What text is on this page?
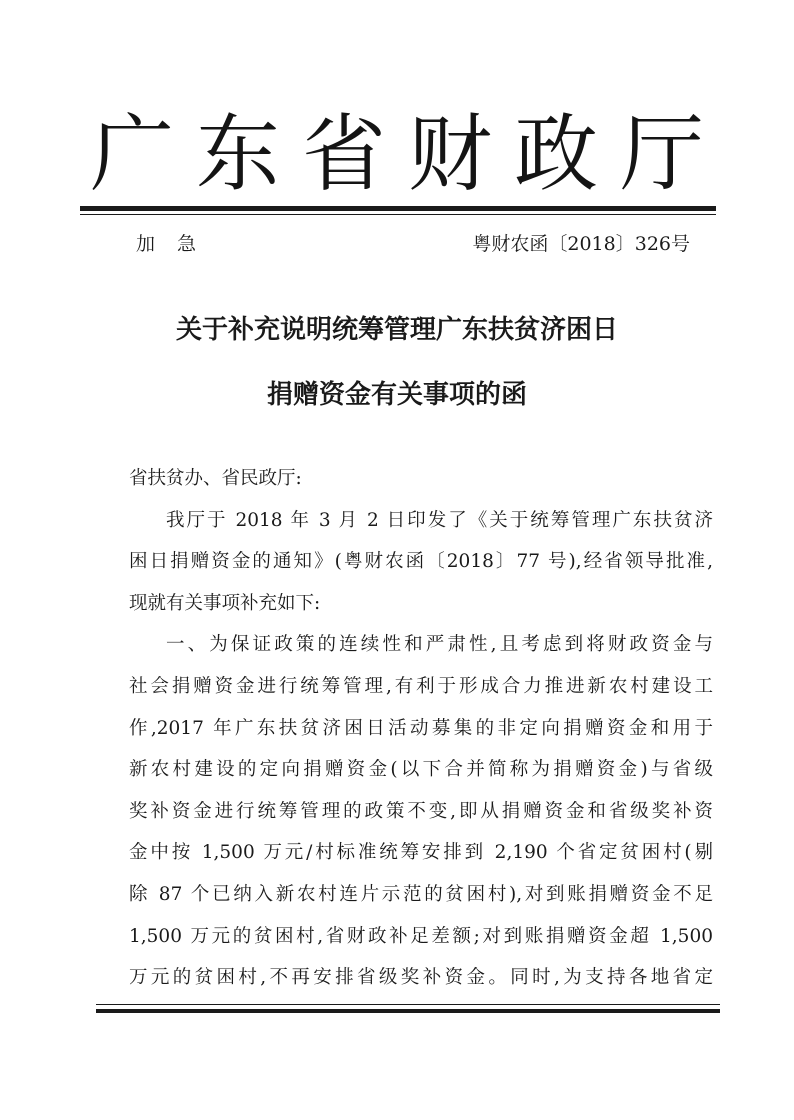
广东省财政厅
加急	粤财农函〔2018〕326号
关于补充说明统筹管理广东扶贫济困日
捐赠资金有关事项的函
省扶贫办、省民政厅:
我厅于 2018 年 3 月 2 日印发了《关于统筹管理广东扶贫济
困日捐赠资金的通知》(粤财农函〔2018〕77 号),经省领导批准,
现就有关事项补充如下:
一、为保证政策的连续性和严肃性,且考虑到将财政资金与
社会捐赠资金进行统筹管理,有利于形成合力推进新农村建设工
作,2017 年广东扶贫济困日活动募集的非定向捐赠资金和用于
新农村建设的定向捐赠资金(以下合并简称为捐赠资金)与省级
奖补资金进行统筹管理的政策不变,即从捐赠资金和省级奖补资
金中按 1,500 万元/村标准统筹安排到 2,190 个省定贫困村(剔
除 87 个已纳入新农村连片示范的贫困村),对到账捐赠资金不足
1,500 万元的贫困村,省财政补足差额;对到账捐赠资金超 1,500
万元的贫困村,不再安排省级奖补资金。同时,为支持各地省定
